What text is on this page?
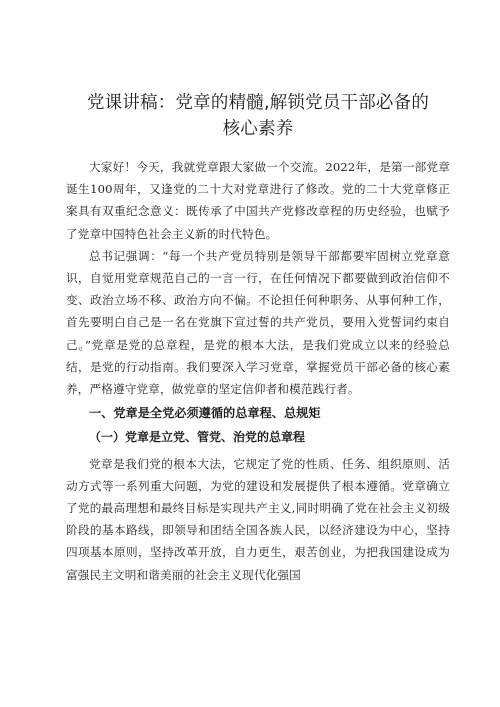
党课讲稿：党章的精髓,解锁党员干部必备的
核心素养

大家好！今天，我就党章跟大家做一个交流。2022年，是第一部党章诞生100周年，又逢党的二十大对党章进行了修改。党的二十大党章修正案具有双重纪念意义：既传承了中国共产党修改章程的历史经验，也赋予了党章中国特色社会主义新的时代特色。

总书记强调：“每一个共产党员特别是领导干部都要牢固树立党章意识，自觉用党章规范自己的一言一行，在任何情况下都要做到政治信仰不变、政治立场不移、政治方向不偏。不论担任何种职务、从事何种工作，首先要明白自己是一名在党旗下宣过誓的共产党员，要用入党誓词约束自己。”党章是党的总章程，是党的根本大法，是我们党成立以来的经验总结，是党的行动指南。我们要深入学习党章，掌握党员干部必备的核心素养，严格遵守党章，做党章的坚定信仰者和模范践行者。

一、党章是全党必须遵循的总章程、总规矩

（一）党章是立党、管党、治党的总章程

党章是我们党的根本大法，它规定了党的性质、任务、组织原则、活动方式等一系列重大问题，为党的建设和发展提供了根本遵循。党章确立了党的最高理想和最终目标是实现共产主义,同时明确了党在社会主义初级阶段的基本路线，即领导和团结全国各族人民，以经济建设为中心，坚持四项基本原则，坚持改革开放，自力更生，艰苦创业，为把我国建设成为富强民主文明和谐美丽的社会主义现代化强国
